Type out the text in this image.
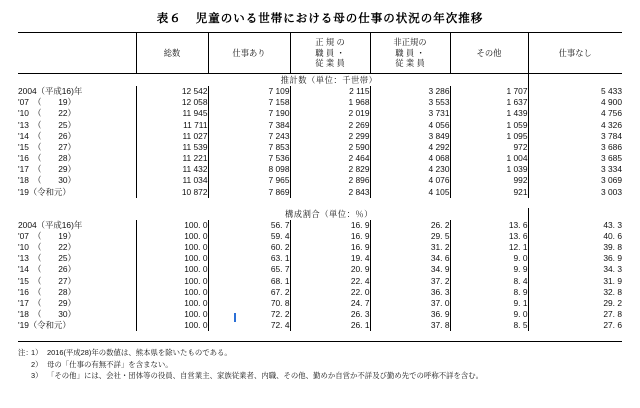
表６ 児童のいる世帯における母の仕事の状況の年次推移
	総数	仕事あり	正 規 の
職 員 ・
従 業 員	非正規の
職 員 ・
従 業 員	その他	仕事なし
		推計数（単位：千世帯）				
2004（平成16)年	12 542	7 109	2 115	3 286	1 707	5 433
'07　（　　19）	12 058	7 158	1 968	3 553	1 637	4 900
'10　（　　22）	11 945	7 190	2 019	3 731	1 439	4 756
'13　（　　25）	11 711	7 384	2 269	4 056	1 059	4 326
'14　（　　26）	11 027	7 243	2 299	3 849	1 095	3 784
'15　（　　27）	11 539	7 853	2 590	4 292	972	3 686
'16　（　　28）	11 221	7 536	2 464	4 068	1 004	3 685
'17　（　　29）	11 432	8 098	2 829	4 230	1 039	3 334
'18　（　　30）	11 034	7 965	2 896	4 076	992	3 069
'19（令和元）	10 872	7 869	2 843	4 105	921	3 003

		構成割合（単位：％）				
2004（平成16)年	100. 0	56. 7	16. 9	26. 2	13. 6	43. 3
'07　（　　19）	100. 0	59. 4	16. 9	29. 5	13. 6	40. 6
'10　（　　22）	100. 0	60. 2	16. 9	31. 2	12. 1	39. 8
'13　（　　25）	100. 0	63. 1	19. 4	34. 6	9. 0	36. 9
'14　（　　26）	100. 0	65. 7	20. 9	34. 9	9. 9	34. 3
'15　（　　27）	100. 0	68. 1	22. 4	37. 2	8. 4	31. 9
'16　（　　28）	100. 0	67. 2	22. 0	36. 3	8. 9	32. 8
'17　（　　29）	100. 0	70. 8	24. 7	37. 0	9. 1	29. 2
'18　（　　30）	100. 0	72. 2	26. 3	36. 9	9. 0	27. 8
'19（令和元）	100. 0	72. 4	26. 1	37. 8	8. 5	27. 6

注：
1） 2016(平成28)年の数値は、熊本県を除いたものである。
2） 母の「仕事の有無不詳」を含まない。
3） 「その他」には、会社・団体等の役員、自営業主、家族従業者、内職、その他、勤めか自営か不詳及び勤め先での呼称不詳を含む。
